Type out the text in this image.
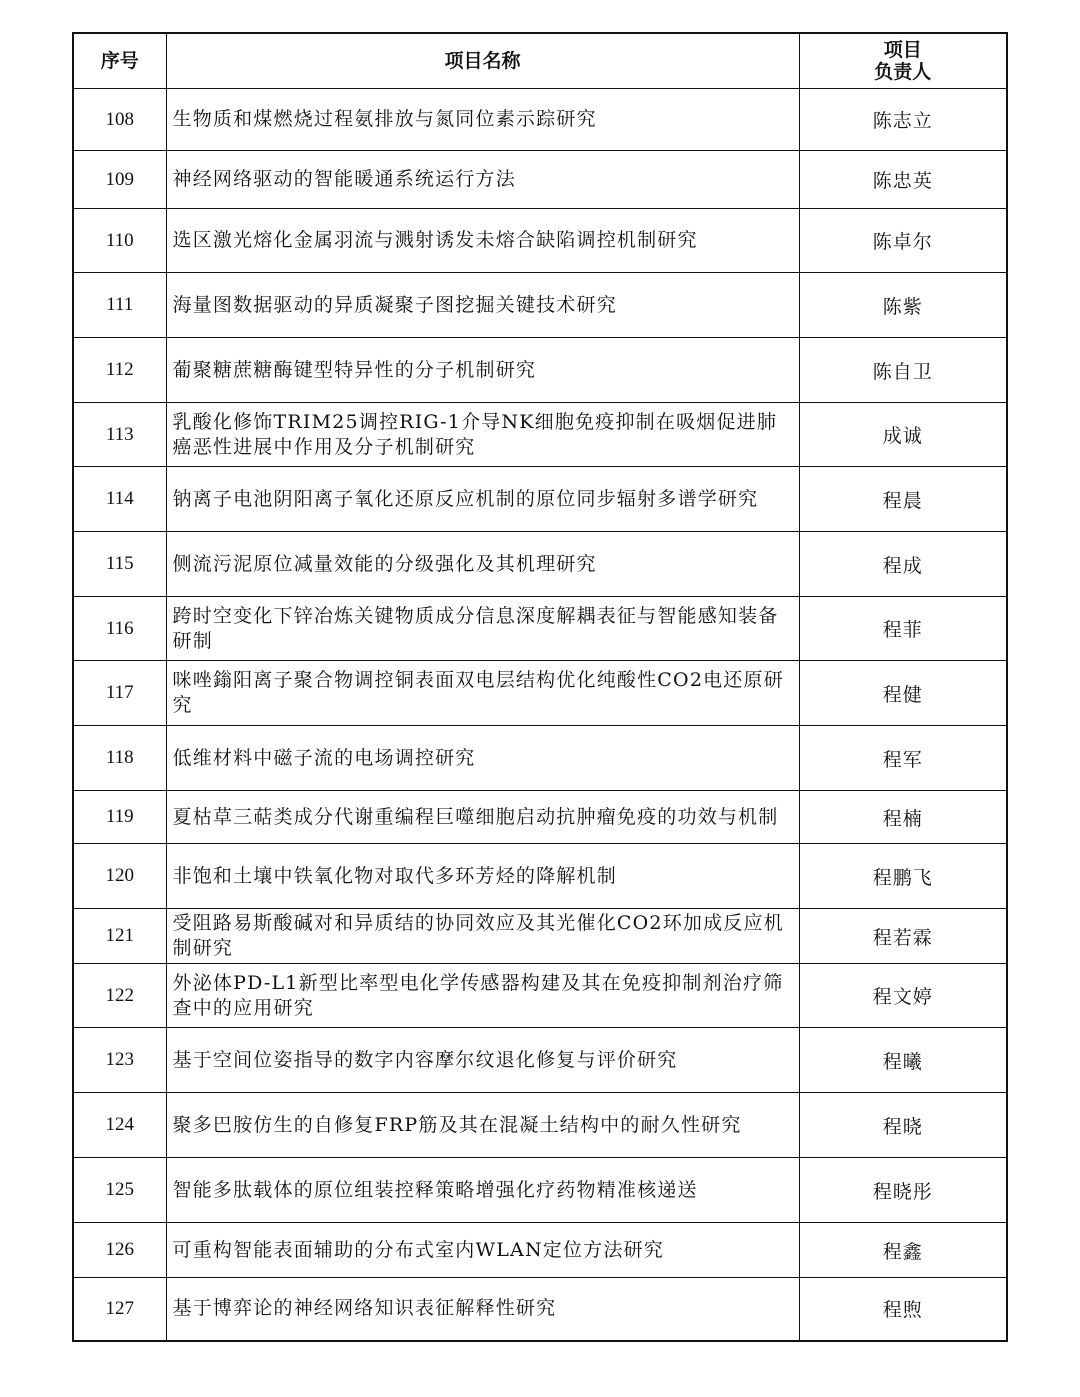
序号	项目名称	项目
负责人

108	生物质和煤燃烧过程氨排放与氮同位素示踪研究	陈志立
109	神经网络驱动的智能暖通系统运行方法	陈忠英
110	选区激光熔化金属羽流与溅射诱发未熔合缺陷调控机制研究	陈卓尔
111	海量图数据驱动的异质凝聚子图挖掘关键技术研究	陈紫
112	葡聚糖蔗糖酶键型特异性的分子机制研究	陈自卫
113	乳酸化修饰TRIM25调控RIG-1介导NK细胞免疫抑制在吸烟促进肺癌恶性进展中作用及分子机制研究	成诚
114	钠离子电池阴阳离子氧化还原反应机制的原位同步辐射多谱学研究	程晨
115	侧流污泥原位减量效能的分级强化及其机理研究	程成
116	跨时空变化下锌冶炼关键物质成分信息深度解耦表征与智能感知装备研制	程菲
117	咪唑鎓阳离子聚合物调控铜表面双电层结构优化纯酸性CO2电还原研究	程健
118	低维材料中磁子流的电场调控研究	程军
119	夏枯草三萜类成分代谢重编程巨噬细胞启动抗肿瘤免疫的功效与机制	程楠
120	非饱和土壤中铁氧化物对取代多环芳烃的降解机制	程鹏飞
121	受阻路易斯酸碱对和异质结的协同效应及其光催化CO2环加成反应机制研究	程若霖
122	外泌体PD-L1新型比率型电化学传感器构建及其在免疫抑制剂治疗筛查中的应用研究	程文婷
123	基于空间位姿指导的数字内容摩尔纹退化修复与评价研究	程曦
124	聚多巴胺仿生的自修复FRP筋及其在混凝土结构中的耐久性研究	程晓
125	智能多肽载体的原位组装控释策略增强化疗药物精准核递送	程晓彤
126	可重构智能表面辅助的分布式室内WLAN定位方法研究	程鑫
127	基于博弈论的神经网络知识表征解释性研究	程煦
